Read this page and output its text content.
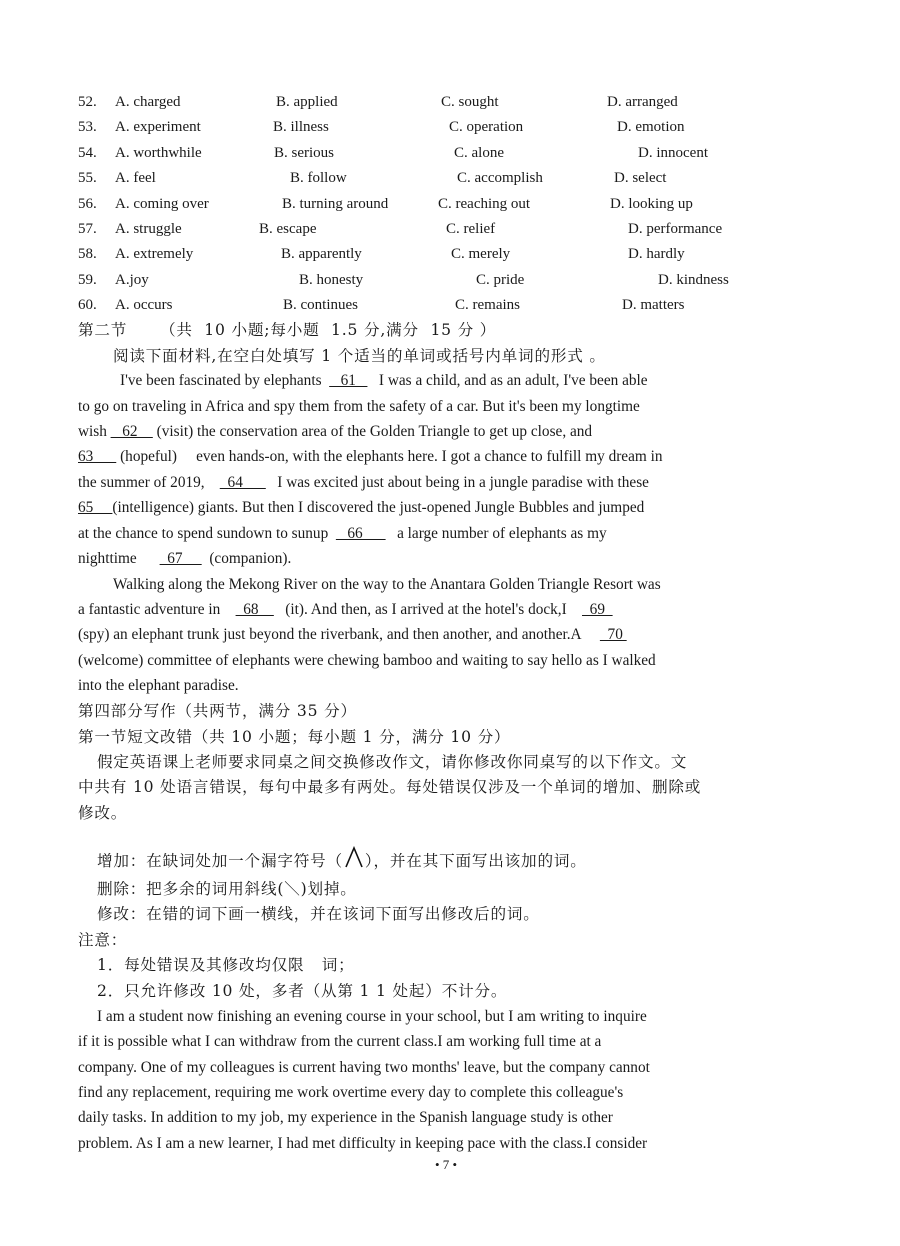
52. A. charged	B. applied	C. sought	D. arranged
53. A. experiment	B. illness	C. operation	D. emotion
54. A. worthwhile	B. serious	C. alone	D. innocent
55. A. feel	B. follow	C. accomplish	D. select
56. A. coming over	B. turning around	C. reaching out	D. looking up
57. A. struggle	B. escape	C. relief	D. performance
58. A. extremely	B. apparently	C. merely	D. hardly
59. A.joy	B. honesty	C. pride	D. kindness
60. A. occurs	B. continues	C. remains	D. matters
第二节 （共  10 小题;每小题  1.5 分,满分  15 分 ）
阅读下面材料,在空白处填写 1 个适当的单词或括号内单词的形式 。
I've been fascinated by elephants     61      I was a child, and as an adult, I've been able
to go on traveling in Africa and spy them from the safety of a car. But it's been my longtime
wish _ 62 _  (visit) the conservation area of the Golden Triangle to get up close, and
63       (hopeful)     even hands-on, with the elephants here. I got a chance to fulfill my dream in
the summer of 2019,    _64         I was excited just about being in a jungle paradise with these
65     (intelligence) giants. But then I discovered the just-opened Jungle Bubbles and jumped
at the chance to spend sundown to sunup     66         a large number of elephants as my
nighttime        67       (companion).
Walking along the Mekong River on the way to the Anantara Golden Triangle Resort was
a fantastic adventure in      68       (it). And then, as I arrived at the hotel's dock,I      69
(spy) an elephant trunk just beyond the riverbank, and then another, and another.A       70
(welcome) committee of elephants were chewing bamboo and waiting to say hello as I walked
into the elephant paradise.
第四部分写作（共两节，满分 35 分）
第一节短文改错（共 10 小题；每小题 1 分，满分 10 分）
假定英语课上老师要求同桌之间交换修改作文，请你修改你同桌写的以下作文。文
中共有 10 处语言错误，每句中最多有两处。每处错误仅涉及一个单词的增加、删除或
修改。
增加：在缺词处加一个漏字符号（ ），并在其下面写出该加的词。
删除：把多余的词用斜线(＼)划掉。
修改：在错的词下画一横线，并在该词下面写出修改后的词。
注意：
1．每处错误及其修改均仅限   词；
2．只允许修改 10 处，多者（从第 1 1 处起）不计分。
I am a student now finishing an evening course in your school, but I am writing to inquire
if it is possible what I can withdraw from the current class.I am working full time at a
company. One of my colleagues is current having two months' leave, but the company cannot
find any replacement, requiring me work overtime every day to complete this colleague's
daily tasks. In addition to my job, my experience in the Spanish language study is other
problem. As I am a new learner, I had met difficulty in keeping pace with the class.I consider
• 7 •
